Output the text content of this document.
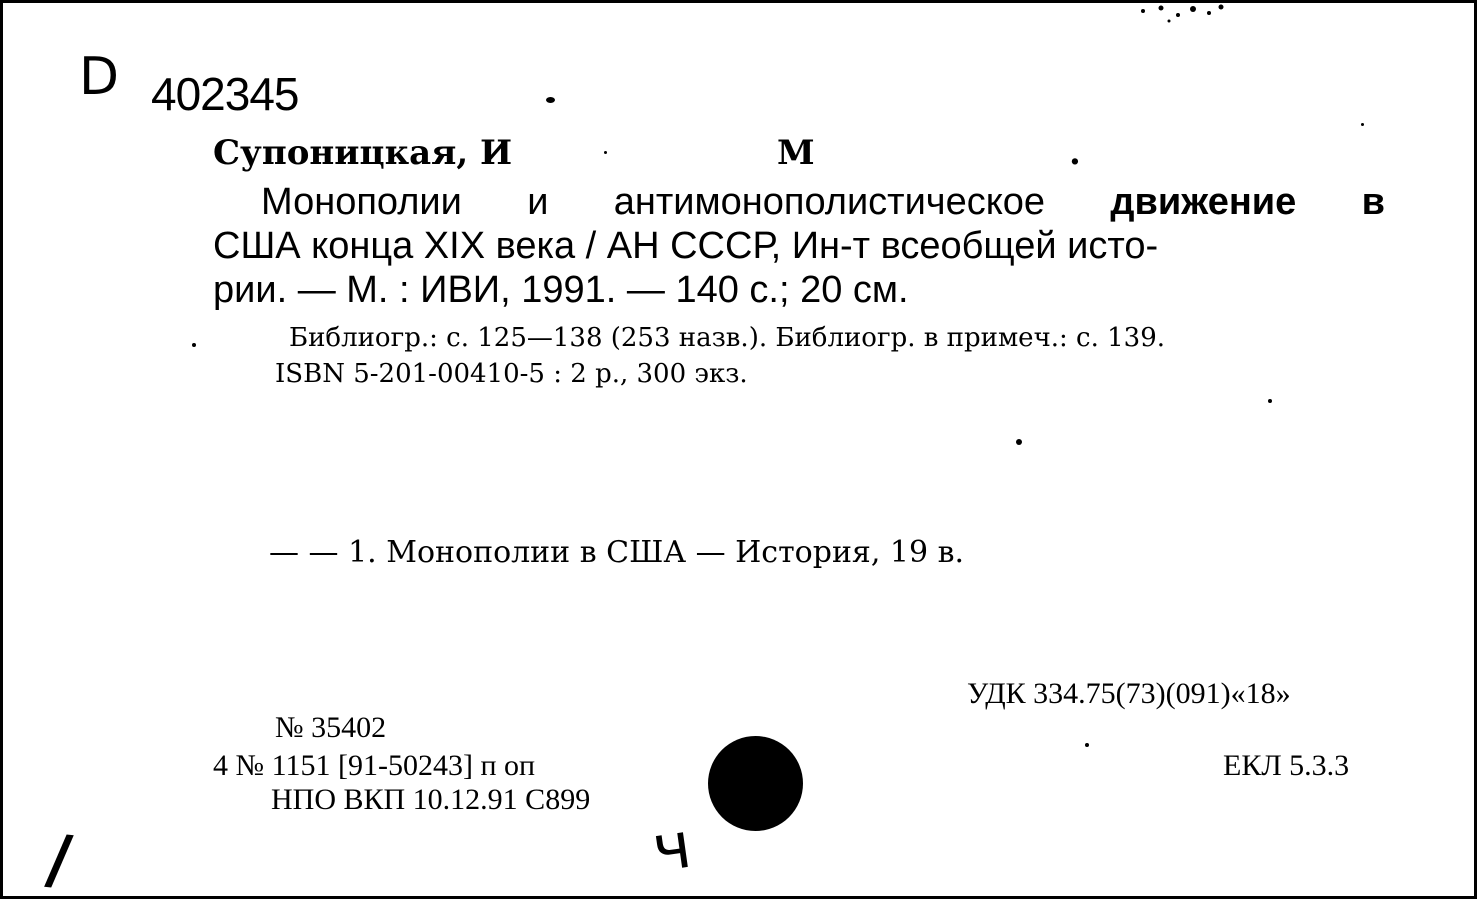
D 402345
Супоницкая, И	М	.
Монополии и антимонополистическое движение в
США конца XIX века / АН СССР, Ин-т всеобщей исто-
рии. — М. : ИВИ, 1991. — 140 с.; 20 см.
Библиогр.: с. 125—138 (253 назв.). Библиогр. в примеч.: с. 139.
ISBN 5-201-00410-5 : 2 р., 300 экз.
— — 1. Монополии в США — История, 19 в.
УДК 334.75(73)(091)«18»
ЕКЛ 5.3.3
№ 35402
4 № 1151 [91-50243] п оп
НПО ВКП 10.12.91 С899
ч
/
